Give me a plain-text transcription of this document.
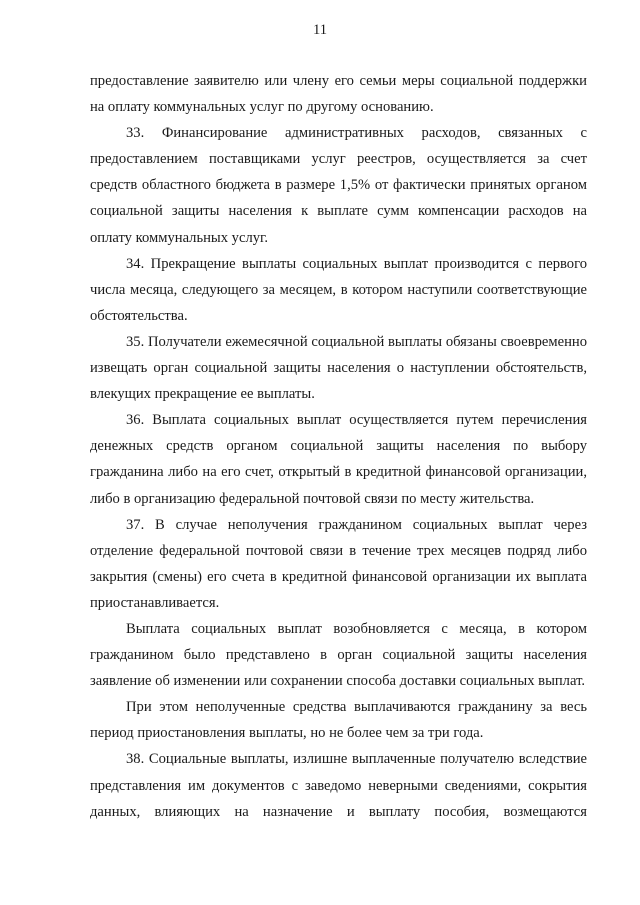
11

предоставление заявителю или члену его семьи меры социальной поддержки на оплату коммунальных услуг по другому основанию.

33. Финансирование административных расходов, связанных с предоставлением поставщиками услуг реестров, осуществляется за счет средств областного бюджета в размере 1,5% от фактически принятых органом социальной защиты населения к выплате сумм компенсации расходов на оплату коммунальных услуг.

34. Прекращение выплаты социальных выплат производится с первого числа месяца, следующего за месяцем, в котором наступили соответствующие обстоятельства.

35. Получатели ежемесячной социальной выплаты обязаны своевременно извещать орган социальной защиты населения о наступлении обстоятельств, влекущих прекращение ее выплаты.

36. Выплата социальных выплат осуществляется путем перечисления денежных средств органом социальной защиты населения по выбору гражданина либо на его счет, открытый в кредитной финансовой организации, либо в организацию федеральной почтовой связи по месту жительства.

37. В случае неполучения гражданином социальных выплат через отделение федеральной почтовой связи в течение трех месяцев подряд либо закрытия (смены) его счета в кредитной финансовой организации их выплата приостанавливается.

Выплата социальных выплат возобновляется с месяца, в котором гражданином было представлено в орган социальной защиты населения заявление об изменении или сохранении способа доставки социальных выплат.

При этом неполученные средства выплачиваются гражданину за весь период приостановления выплаты, но не более чем за три года.

38. Социальные выплаты, излишне выплаченные получателю вследствие представления им документов с заведомо неверными сведениями, сокрытия данных, влияющих на назначение и выплату пособия, возмещаются
